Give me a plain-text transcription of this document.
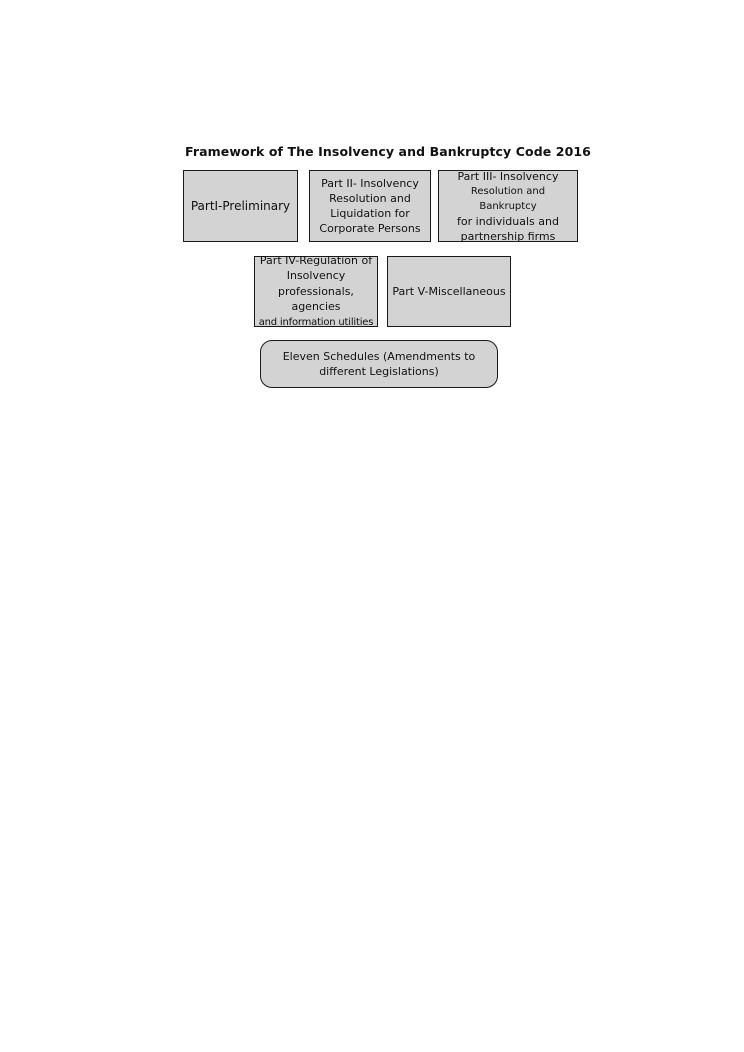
Framework of The Insolvency and Bankruptcy Code 2016
PartI-Preliminary
Part II- Insolvency
Resolution and
Liquidation for
Corporate Persons
Part III- Insolvency
Resolution and Bankruptcy
for individuals and
partnership firms
Part IV-Regulation of
Insolvency
professionals, agencies
and information utilities
Part V-Miscellaneous
Eleven Schedules (Amendments to
different Legislations)
